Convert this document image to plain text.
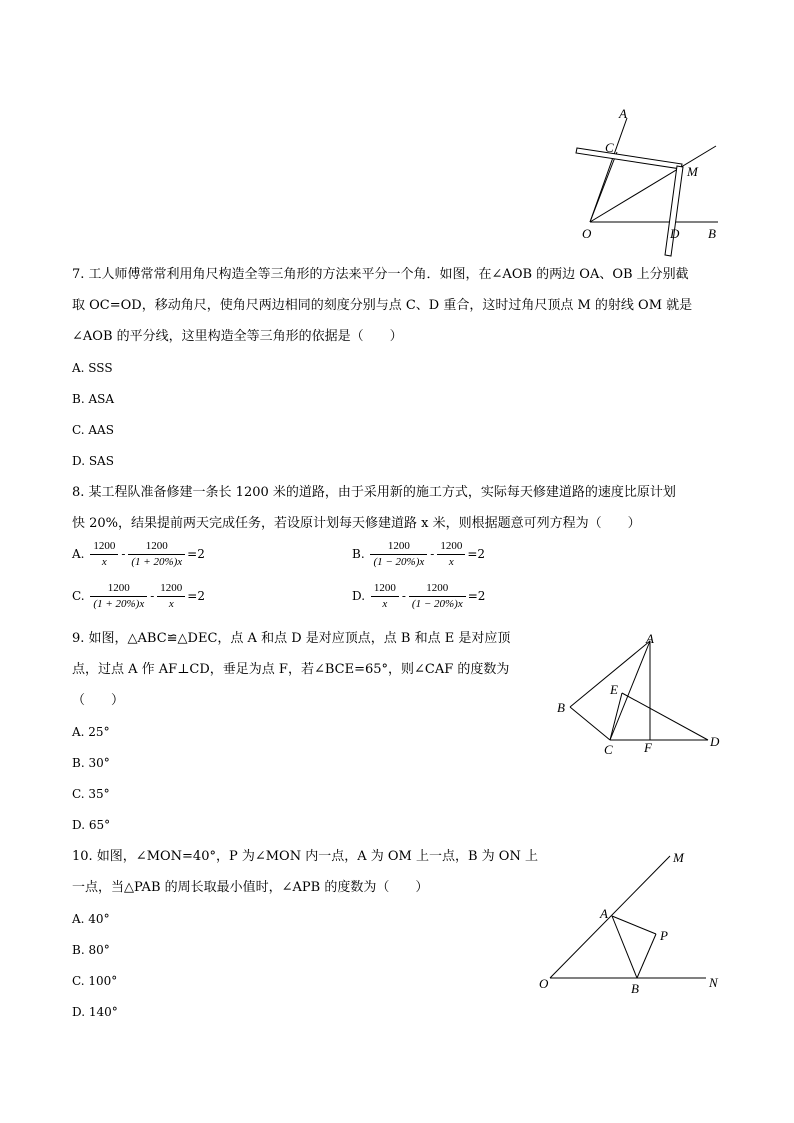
A
C
M
O	D B
7. 工人师傅常常利用角尺构造全等三角形的方法来平分一个角．如图，在∠AOB 的两边 OA、OB 上分别截
取 OC=OD，移动角尺，使角尺两边相同的刻度分别与点 C、D 重合，这时过角尺顶点 M 的射线 OM 就是
∠AOB 的平分线，这里构造全等三角形的依据是（　　）
A. SSS
B. ASA
C. AAS
D. SAS
8. 某工程队准备修建一条长 1200 米的道路，由于采用新的施工方式，实际每天修建道路的速度比原计划
快 20%，结果提前两天完成任务，若设原计划每天修建道路 x 米，则根据题意可列方程为（　　）
A. $\frac{1200}{x} - \frac{1200}{(1 + 20\%)x} =2$	B. $\frac{1200}{(1 - 20\%)x} - \frac{1200}{x} =2$
C. $\frac{1200}{(1 + 20\%)x} - \frac{1200}{x} =2$	D. $\frac{1200}{x} - \frac{1200}{(1 - 20\%)x} =2$
9. 如图，△ABC≌△DEC，点 A 和点 D 是对应顶点，点 B 和点 E 是对应顶
点，过点 A 作 AF⊥CD，垂足为点 F，若∠BCE=65°，则∠CAF 的度数为
（　　）
A. 25°
B. 30°
C. 35°
D. 65°
A
E
B
C F	D
10. 如图，∠MON=40°，P 为∠MON 内一点，A 为 OM 上一点，B 为 ON 上
一点，当△PAB 的周长取最小值时，∠APB 的度数为（　　）
A. 40°
B. 80°
C. 100°
D. 140°
M
A
P
O	B	N
